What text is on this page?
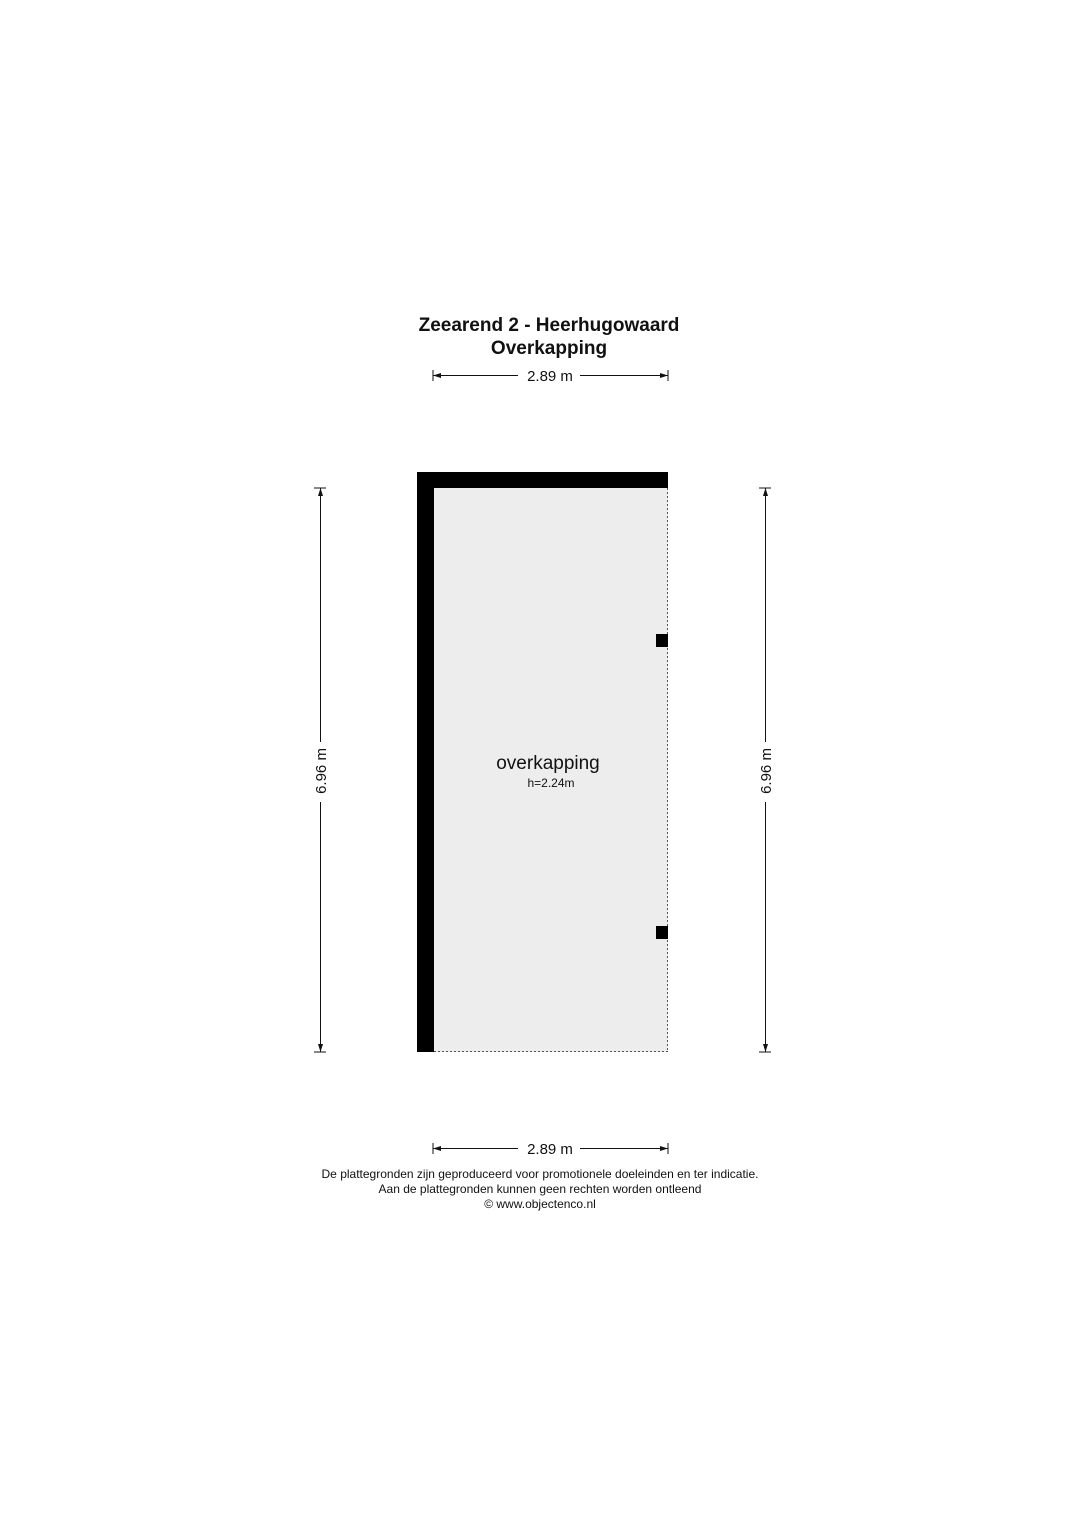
Zeearend 2 - Heerhugowaard
Overkapping
2.89 m
overkapping
h=2.24m
6.96 m	6.96 m
2.89 m
De plattegronden zijn geproduceerd voor promotionele doeleinden en ter indicatie.
Aan de plattegronden kunnen geen rechten worden ontleend
© www.objectenco.nl
